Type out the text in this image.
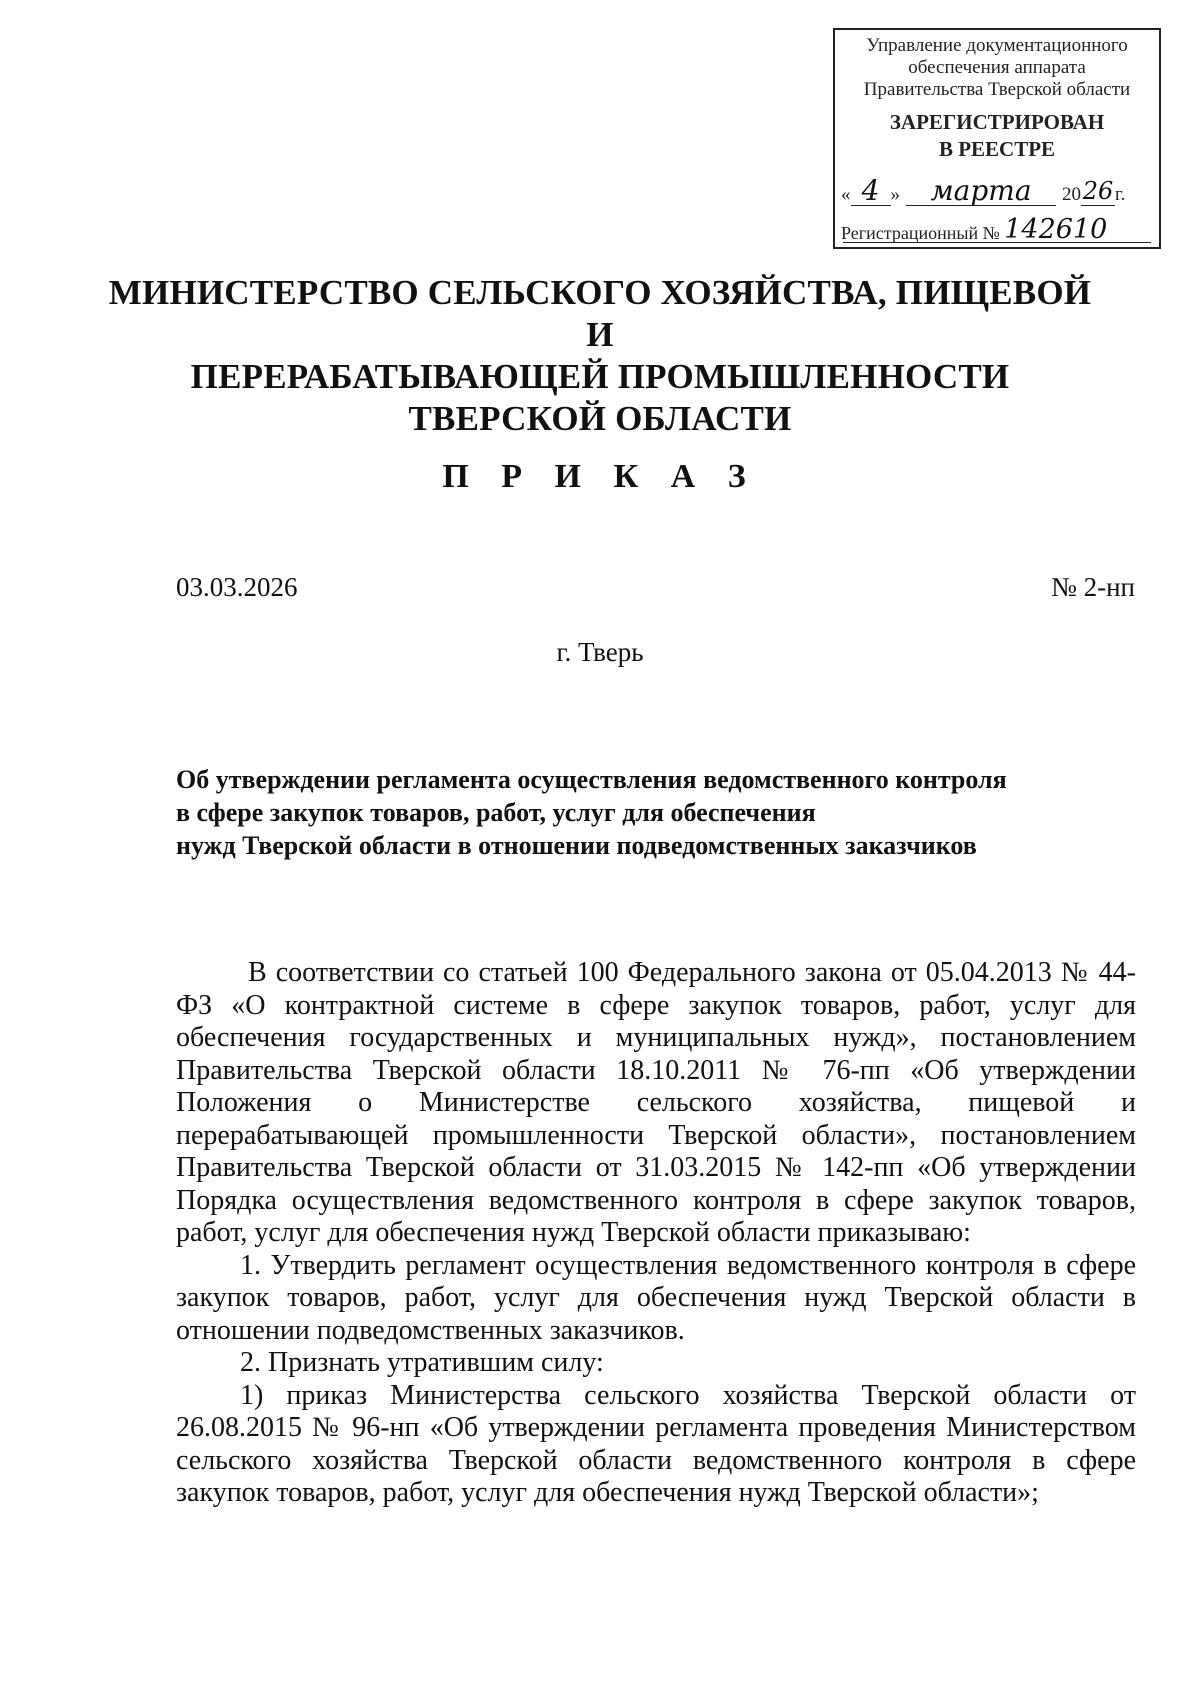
Управление документационного
обеспечения аппарата
Правительства Тверской области
ЗАРЕГИСТРИРОВАН
В РЕЕСТРЕ
« 4 »	марта	20 26 г.
Регистрационный № 142610
МИНИСТЕРСТВО СЕЛЬСКОГО ХОЗЯЙСТВА, ПИЩЕВОЙ И
ПЕРЕРАБАТЫВАЮЩЕЙ ПРОМЫШЛЕННОСТИ
ТВЕРСКОЙ ОБЛАСТИ
П Р И К А З
03.03.2026	№ 2-нп
г. Тверь
Об утверждении регламента осуществления ведомственного контроля
в сфере закупок товаров, работ, услуг для обеспечения
нужд Тверской области в отношении подведомственных заказчиков

В соответствии со статьей 100 Федерального закона от 05.04.2013 № 44-ФЗ «О контрактной системе в сфере закупок товаров, работ, услуг для обеспечения государственных и муниципальных нужд», постановлением Правительства Тверской области 18.10.2011 № 76-пп «Об утверждении Положения о Министерстве сельского хозяйства, пищевой и перерабатывающей промышленности Тверской области», постановлением Правительства Тверской области от 31.03.2015 № 142-пп «Об утверждении Порядка осуществления ведомственного контроля в сфере закупок товаров, работ, услуг для обеспечения нужд Тверской области приказываю:

1. Утвердить регламент осуществления ведомственного контроля в сфере закупок товаров, работ, услуг для обеспечения нужд Тверской области в отношении подведомственных заказчиков.

2. Признать утратившим силу:

1) приказ Министерства сельского хозяйства Тверской области от 26.08.2015 № 96-нп «Об утверждении регламента проведения Министерством сельского хозяйства Тверской области ведомственного контроля в сфере закупок товаров, работ, услуг для обеспечения нужд Тверской области»;
